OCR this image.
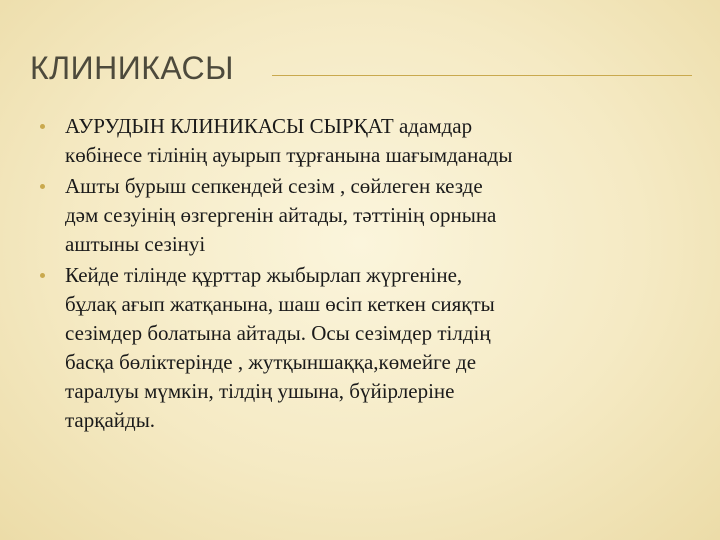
КЛИНИКАСЫ
АУРУДЫН КЛИНИКАСЫ СЫРҚАТ адамдар
көбінесе тілінің ауырып тұрғанына шағымданады
Ашты бурыш сепкендей сезім , сөйлеген кезде
дәм сезуінің өзгергенін айтады, тәттінің орнына
аштыны сезінуі
Кейде тілінде құрттар жыбырлап жүргеніне,
бұлақ ағып жатқанына, шаш өсіп кеткен сияқты
сезімдер болатына айтады. Осы сезімдер тілдің
басқа бөліктерінде , жутқыншаққа,көмейге де
таралуы мүмкін, тілдің ушына, бүйірлеріне
тарқайды.
